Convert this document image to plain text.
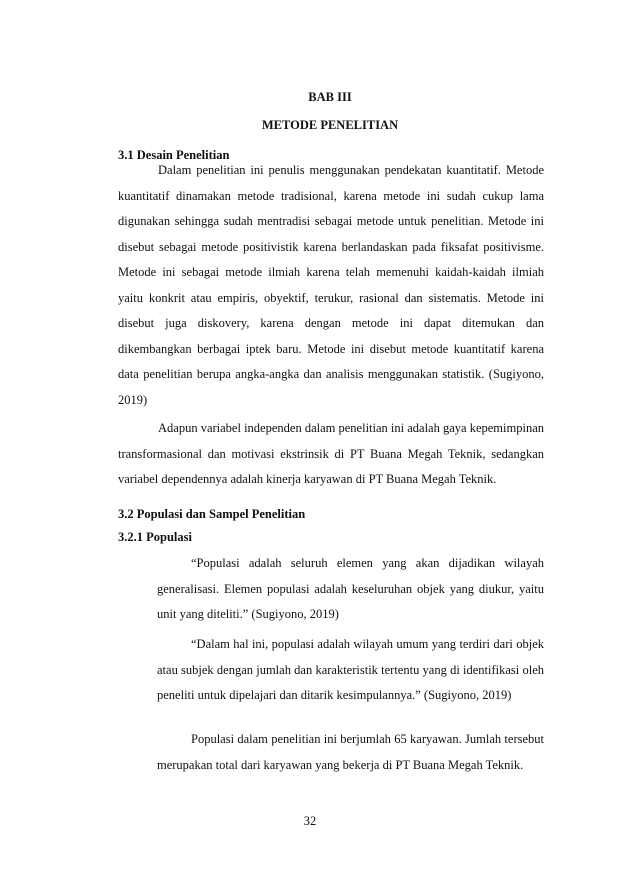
BAB III
METODE PENELITIAN
3.1 Desain Penelitian

Dalam penelitian ini penulis menggunakan pendekatan kuantitatif. Metode kuantitatif dinamakan metode tradisional, karena metode ini sudah cukup lama digunakan sehingga sudah mentradisi sebagai metode untuk penelitian. Metode ini disebut sebagai metode positivistik karena berlandaskan pada fiksafat positivisme. Metode ini sebagai metode ilmiah karena telah memenuhi kaidah-kaidah ilmiah yaitu konkrit atau empiris, obyektif, terukur, rasional dan sistematis. Metode ini disebut juga diskovery, karena dengan metode ini dapat ditemukan dan dikembangkan berbagai iptek baru. Metode ini disebut metode kuantitatif karena data penelitian berupa angka-angka dan analisis menggunakan statistik. (Sugiyono, 2019)

Adapun variabel independen dalam penelitian ini adalah gaya kepemimpinan transformasional dan motivasi ekstrinsik di PT Buana Megah Teknik, sedangkan variabel dependennya adalah kinerja karyawan di PT Buana Megah Teknik.

3.2 Populasi dan Sampel Penelitian
3.2.1 Populasi

“Populasi adalah seluruh elemen yang akan dijadikan wilayah generalisasi. Elemen populasi adalah keseluruhan objek yang diukur, yaitu unit yang diteliti.” (Sugiyono, 2019)

“Dalam hal ini, populasi adalah wilayah umum yang terdiri dari objek atau subjek dengan jumlah dan karakteristik tertentu yang di identifikasi oleh peneliti untuk dipelajari dan ditarik kesimpulannya.” (Sugiyono, 2019)

Populasi dalam penelitian ini berjumlah 65 karyawan. Jumlah tersebut merupakan total dari karyawan yang bekerja di PT Buana Megah Teknik.

32
